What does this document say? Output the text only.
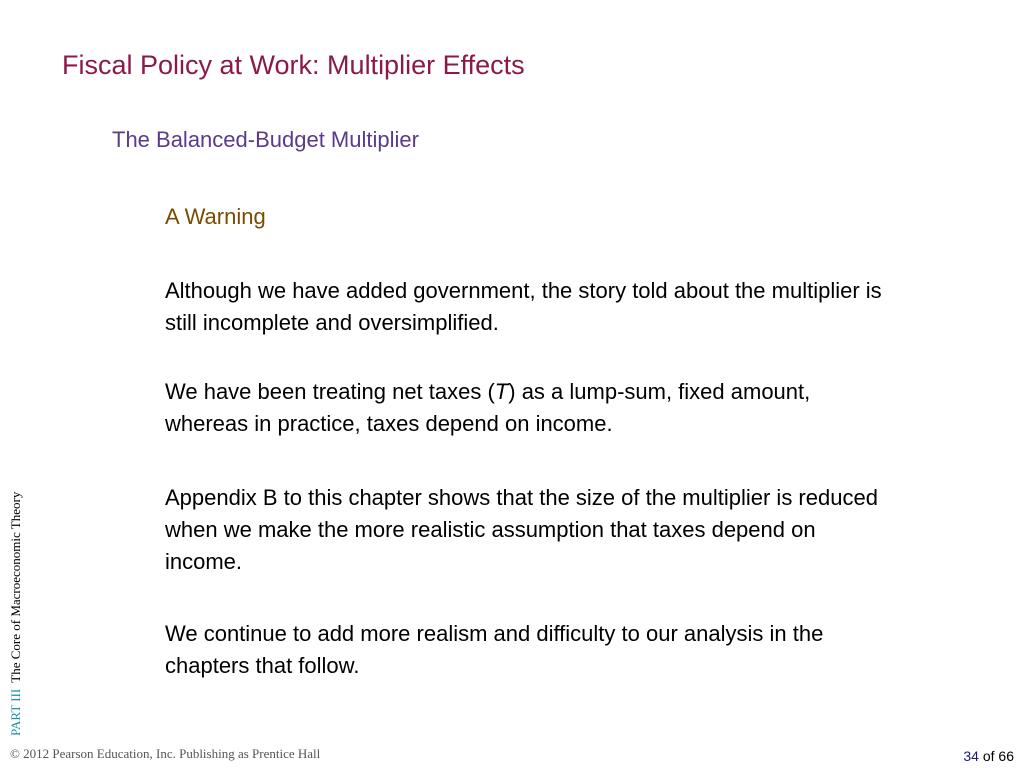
Fiscal Policy at Work: Multiplier Effects
The Balanced-Budget Multiplier
A Warning
Although we have added government, the story told about the multiplier is still incomplete and oversimplified.
We have been treating net taxes (T) as a lump-sum, fixed amount, whereas in practice, taxes depend on income.
Appendix B to this chapter shows that the size of the multiplier is reduced when we make the more realistic assumption that taxes depend on income.
We continue to add more realism and difficulty to our analysis in the chapters that follow.
PART IIIThe Core of Macroeconomic Theory
© 2012 Pearson Education, Inc. Publishing as Prentice Hall	34 of 66
